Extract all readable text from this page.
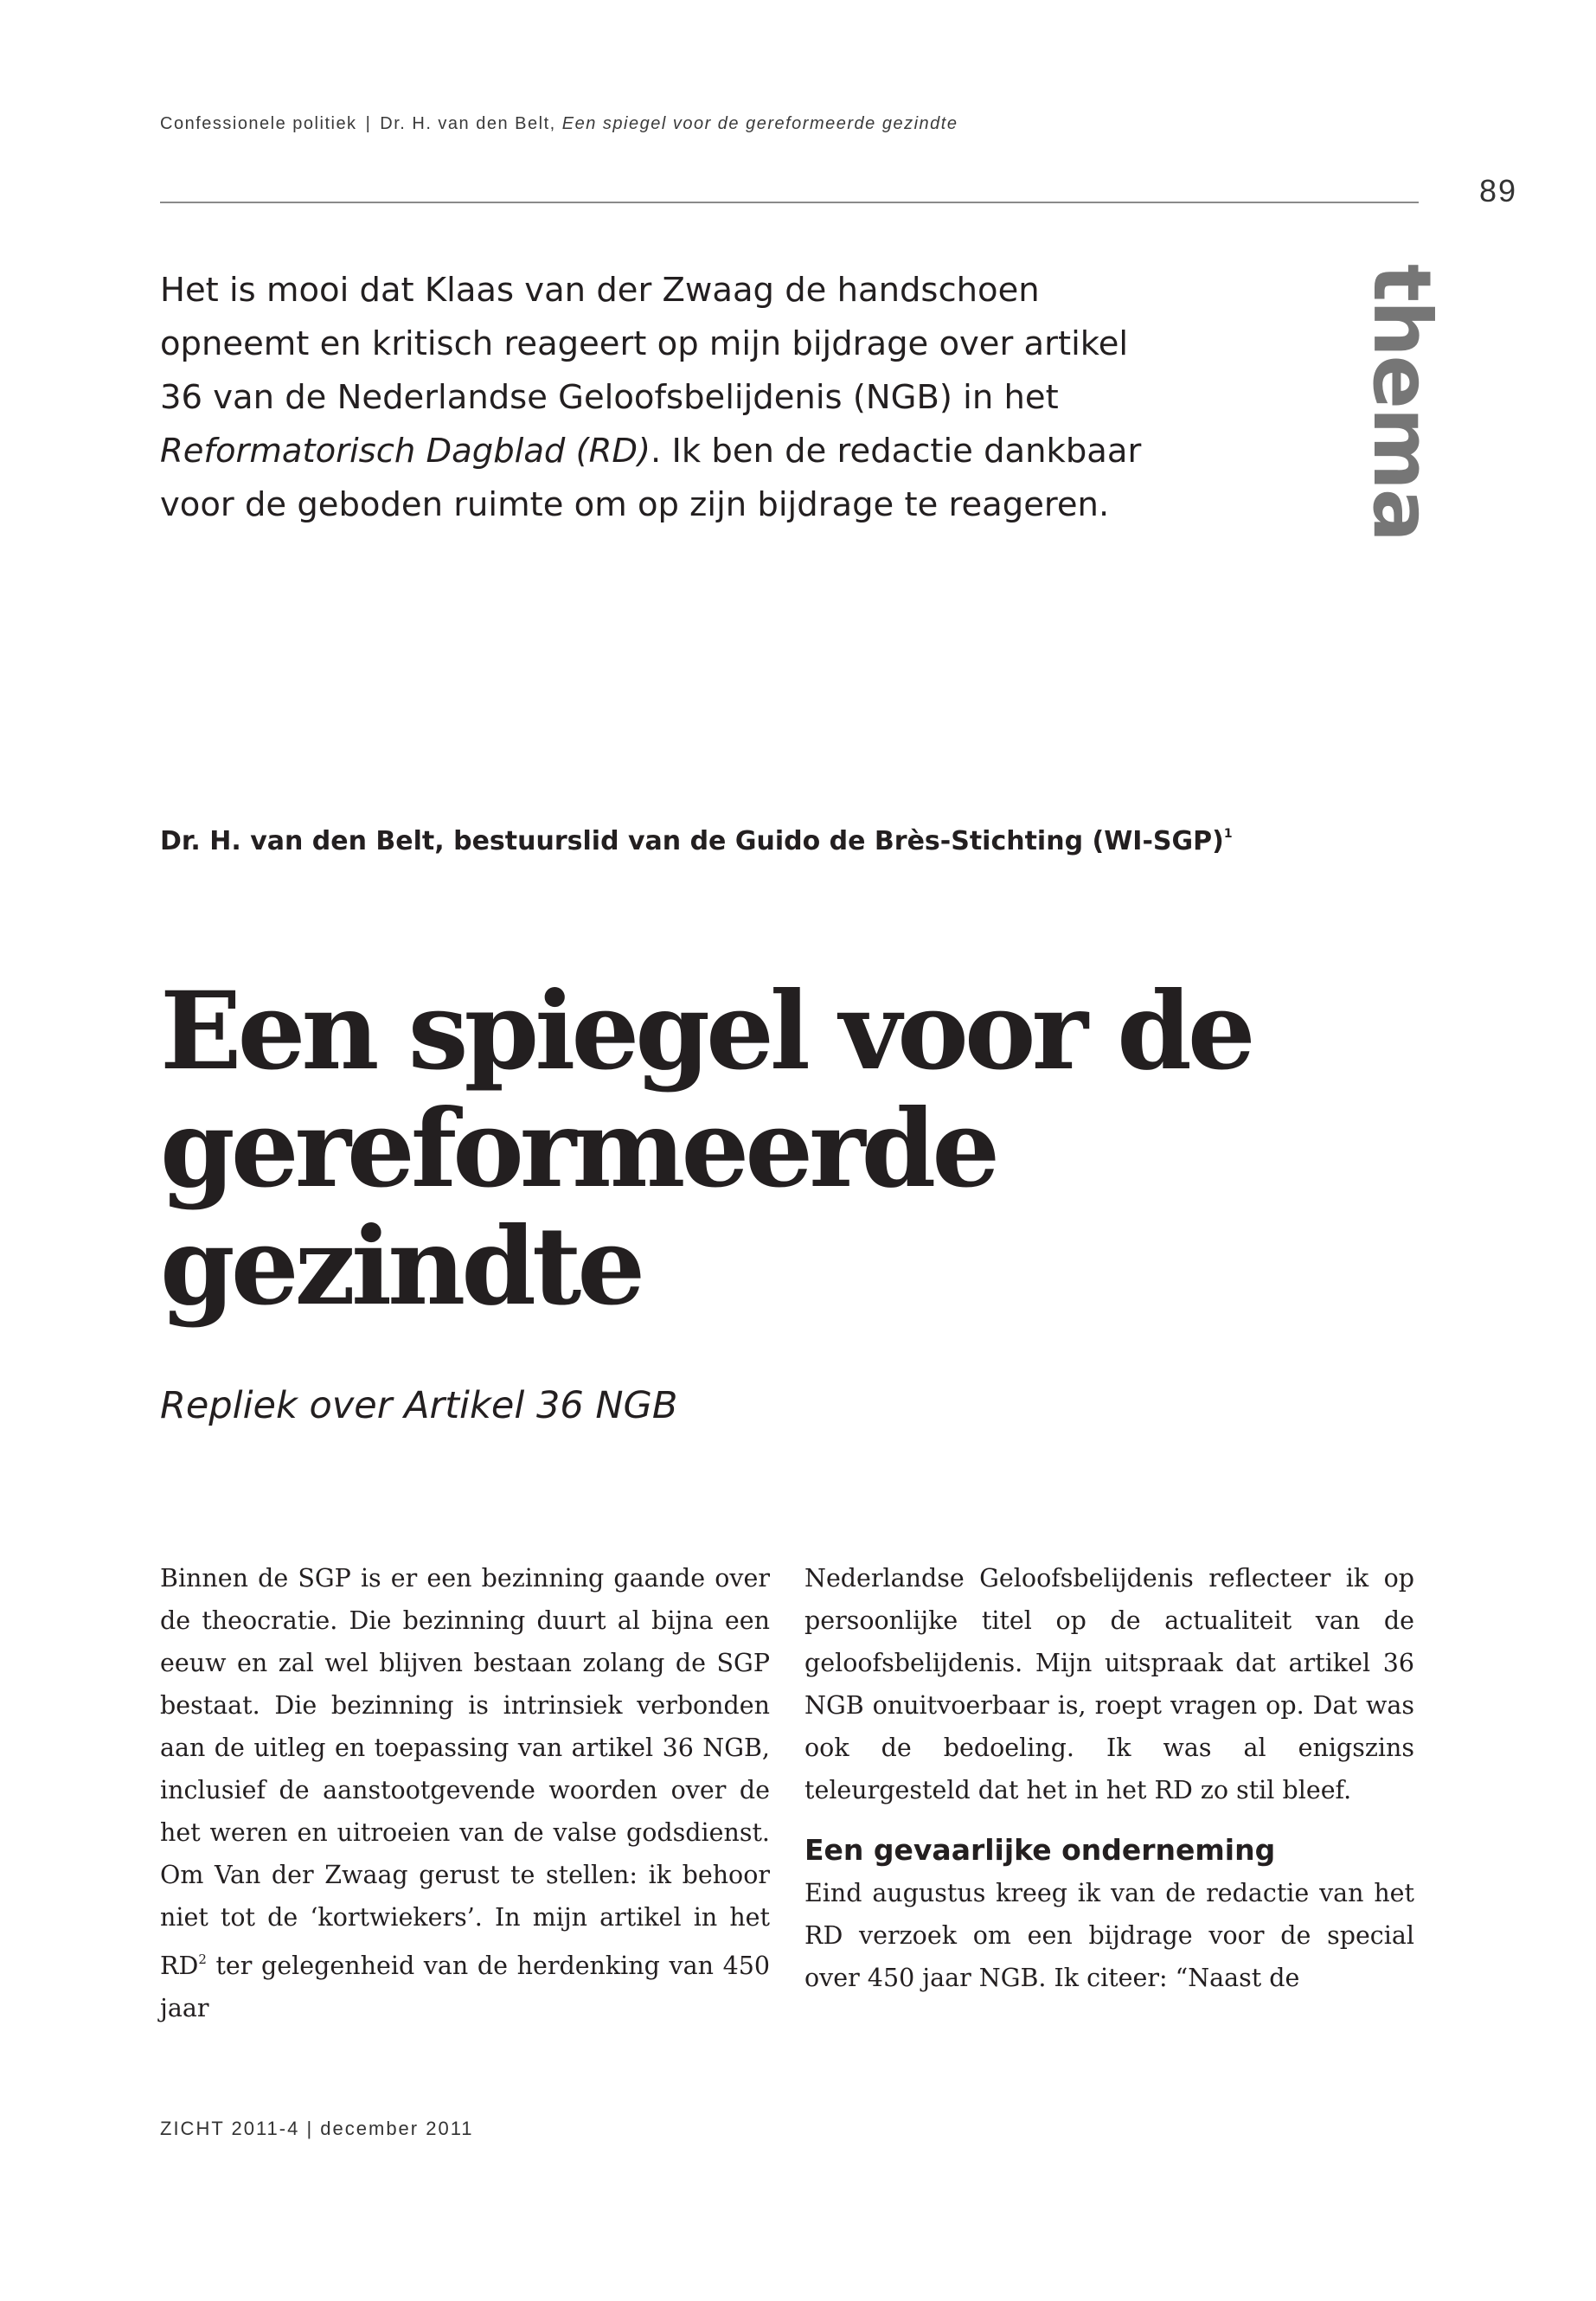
Confessionele politiek | Dr. H. van den Belt, Een spiegel voor de gereformeerde gezindte
89
thema

Het is mooi dat Klaas van der Zwaag de handschoen opneemt en kritisch reageert op mijn bijdrage over artikel 36 van de Nederlandse Geloofsbelijdenis (NGB) in het Reformatorisch Dagblad (RD). Ik ben de redactie dankbaar voor de geboden ruimte om op zijn bijdrage te reageren.

Dr. H. van den Belt, bestuurslid van de Guido de Brès-Stichting $(WI-SGP)^1$
Een spiegel voor de
gereformeerde
gezindte
Repliek over Artikel 36 NGB

Binnen de SGP is er een bezinning gaande over de theocratie. Die bezinning duurt al bijna een eeuw en zal wel blijven bestaan zolang de SGP bestaat. Die bezinning is intrinsiek verbonden aan de uitleg en toepassing van artikel 36 NGB, inclusief de aanstootgevende woorden over de het weren en uitroeien van de valse godsdienst. Om Van der Zwaag gerust te stellen: ik behoor niet tot de ‘kortwiekers’. In mijn artikel in het $RD^2$ ter gelegenheid van de herdenking van 450 jaar

Nederlandse Geloofsbelijdenis reflecteer ik op persoonlijke titel op de actualiteit van de geloofsbelijdenis. Mijn uitspraak dat artikel 36 NGB onuitvoerbaar is, roept vragen op. Dat was ook de bedoeling. Ik was al enigszins teleurgesteld dat het in het RD zo stil bleef.

Een gevaarlijke onderneming

Eind augustus kreeg ik van de redactie van het RD verzoek om een bijdrage voor de special over 450 jaar NGB. Ik citeer: “Naast de

ZICHT 2011-4 | december 2011
